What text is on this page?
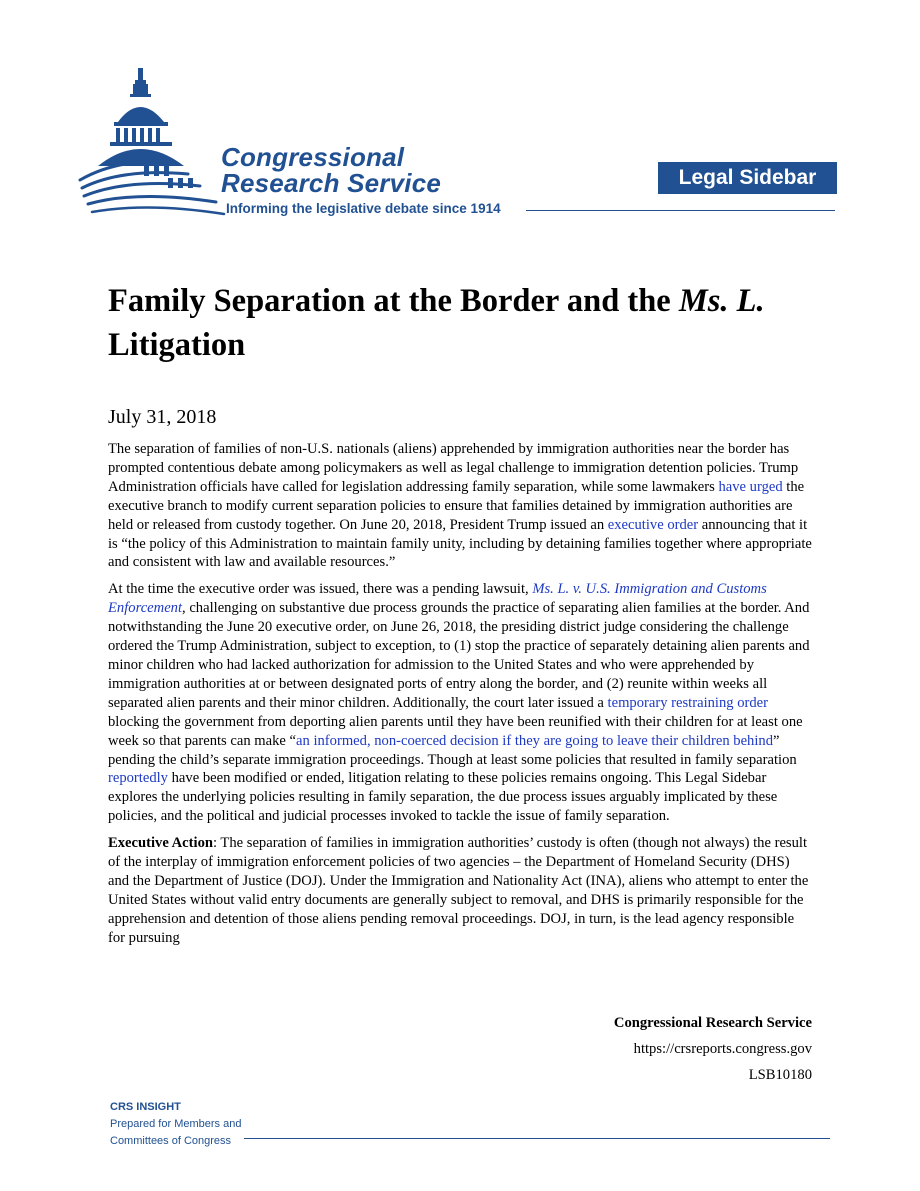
Congressional
Research Service
Informing the legislative debate since 1914
Legal Sidebar
Family Separation at the Border and the Ms. L. Litigation
July 31, 2018

The separation of families of non-U.S. nationals (aliens) apprehended by immigration authorities near the border has prompted contentious debate among policymakers as well as legal challenge to immigration detention policies. Trump Administration officials have called for legislation addressing family separation, while some lawmakers have urged the executive branch to modify current separation policies to ensure that families detained by immigration authorities are held or released from custody together. On June 20, 2018, President Trump issued an executive order announcing that it is “the policy of this Administration to maintain family unity, including by detaining families together where appropriate and consistent with law and available resources.”

At the time the executive order was issued, there was a pending lawsuit, Ms. L. v. U.S. Immigration and Customs Enforcement, challenging on substantive due process grounds the practice of separating alien families at the border. And notwithstanding the June 20 executive order, on June 26, 2018, the presiding district judge considering the challenge ordered the Trump Administration, subject to exception, to (1) stop the practice of separately detaining alien parents and minor children who had lacked authorization for admission to the United States and who were apprehended by immigration authorities at or between designated ports of entry along the border, and (2) reunite within weeks all separated alien parents and their minor children. Additionally, the court later issued a temporary restraining order blocking the government from deporting alien parents until they have been reunified with their children for at least one week so that parents can make “an informed, non-coerced decision if they are going to leave their children behind” pending the child’s separate immigration proceedings. Though at least some policies that resulted in family separation reportedly have been modified or ended, litigation relating to these policies remains ongoing. This Legal Sidebar explores the underlying policies resulting in family separation, the due process issues arguably implicated by these policies, and the political and judicial processes invoked to tackle the issue of family separation.

Executive Action: The separation of families in immigration authorities’ custody is often (though not always) the result of the interplay of immigration enforcement policies of two agencies – the Department of Homeland Security (DHS) and the Department of Justice (DOJ). Under the Immigration and Nationality Act (INA), aliens who attempt to enter the United States without valid entry documents are generally subject to removal, and DHS is primarily responsible for the apprehension and detention of those aliens pending removal proceedings. DOJ, in turn, is the lead agency responsible for pursuing

Congressional Research Service
https://crsreports.congress.gov
LSB10180
CRS INSIGHT
Prepared for Members and
Committees of Congress
